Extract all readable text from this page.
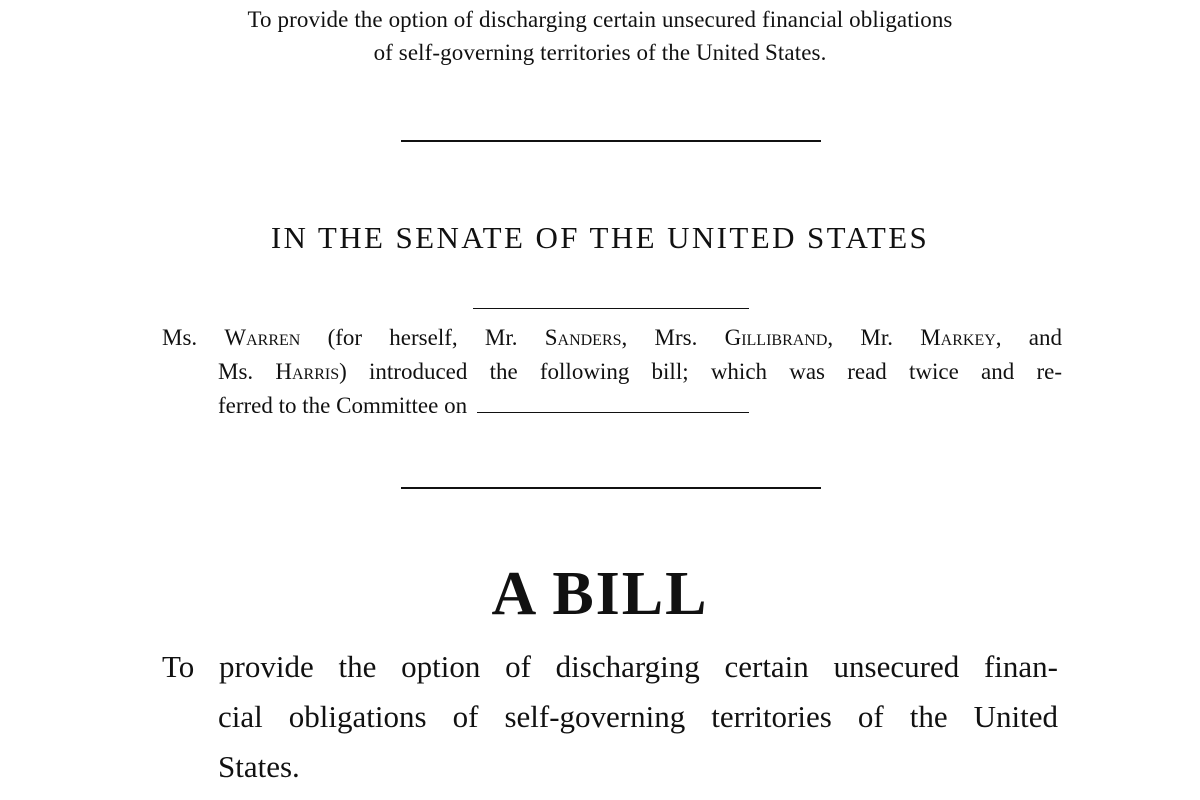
To provide the option of discharging certain unsecured financial obligations
of self-governing territories of the United States.
IN THE SENATE OF THE UNITED STATES
Ms. Warren (for herself, Mr. Sanders, Mrs. Gillibrand, Mr. Markey, and
Ms. Harris) introduced the following bill; which was read twice and re-
ferred to the Committee on
A BILL
To provide the option of discharging certain unsecured finan-
cial obligations of self-governing territories of the United
States.
